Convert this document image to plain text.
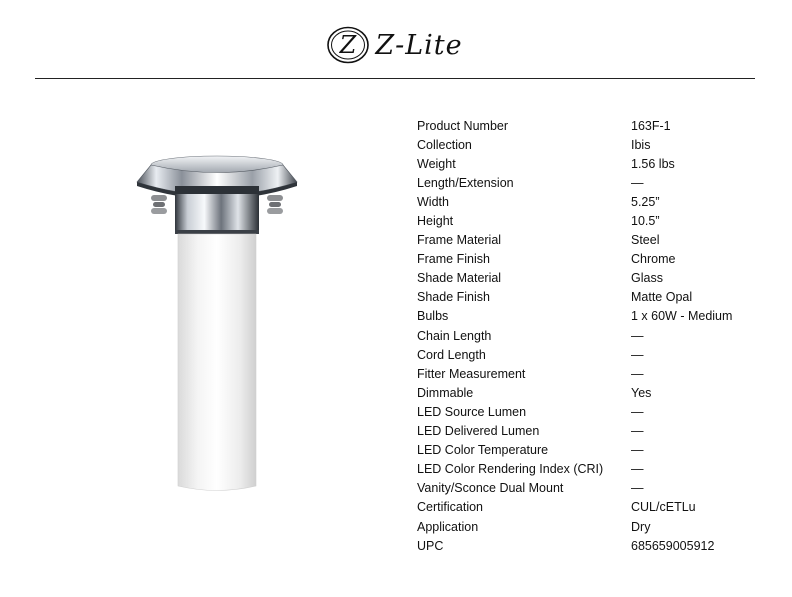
Z Z-Lite
Product Number	163F-1
Collection	Ibis
Weight	1.56 lbs
Length/Extension	—
Width	5.25”
Height	10.5”
Frame Material	Steel
Frame Finish	Chrome
Shade Material	Glass
Shade Finish	Matte Opal
Bulbs	1 x 60W - Medium
Chain Length	—
Cord Length	—
Fitter Measurement	—
Dimmable	Yes
LED Source Lumen	—
LED Delivered Lumen	—
LED Color Temperature	—
LED Color Rendering Index (CRI)	—
Vanity/Sconce Dual Mount	—
Certification	CUL/cETLu
Application	Dry
UPC	685659005912
